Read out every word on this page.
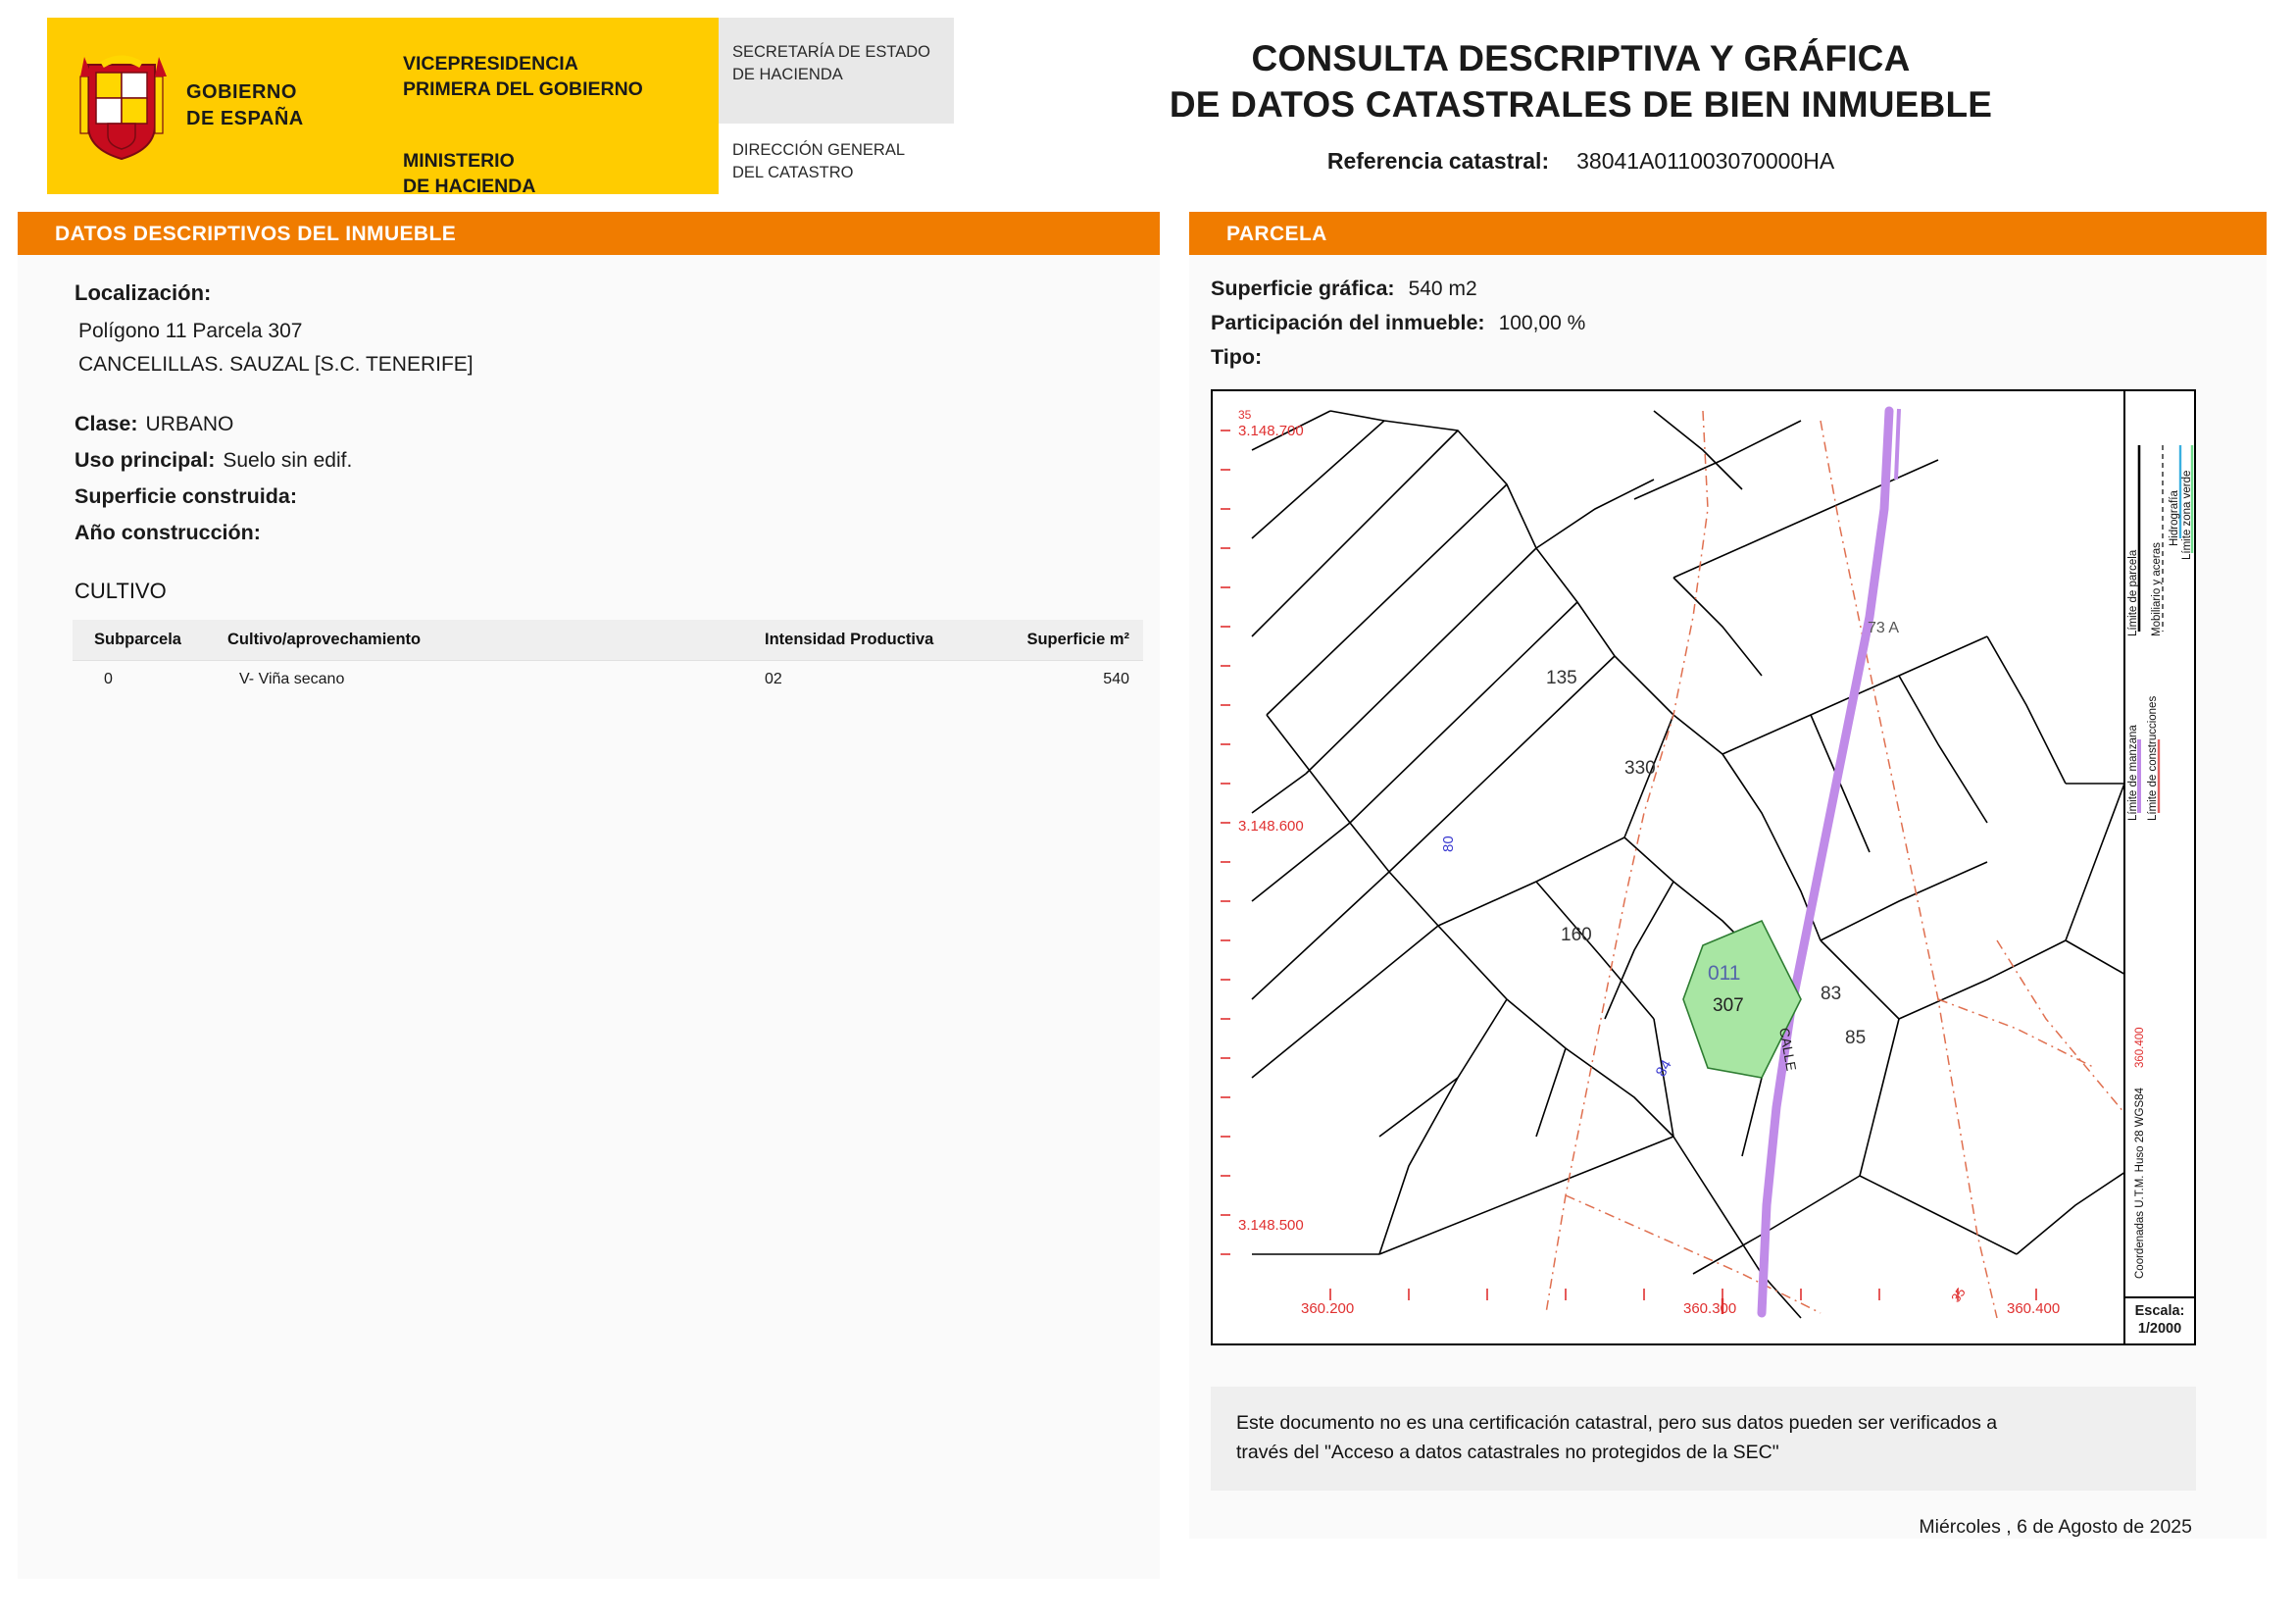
GOBIERNO
DE ESPAÑA
VICEPRESIDENCIA
PRIMERA DEL GOBIERNO
MINISTERIO
DE HACIENDA
SECRETARÍA DE ESTADO
DE HACIENDA
DIRECCIÓN GENERAL
DEL CATASTRO
CONSULTA DESCRIPTIVA Y GRÁFICA
DE DATOS CATASTRALES DE BIEN INMUEBLE
Referencia catastral: 38041A011003070000HA
DATOS DESCRIPTIVOS DEL INMUEBLE
Localización:
Polígono 11 Parcela 307
CANCELILLAS. SAUZAL [S.C. TENERIFE]
Clase: URBANO
Uso principal: Suelo sin edif.
Superficie construida:
Año construcción:
CULTIVO
Subparcela	Cultivo/aprovechamiento	Intensidad Productiva	Superficie m²
0	V- Viña secano	02	540
PARCELA
Superficie gráfica: 540 m2
Participación del inmueble: 100,00 %
Tipo:
3.148.700
3.148.600
3.148.500
360.200	360.300	360.400
35
35
135
330
160
83
85
73 A
80
84
011
307
CALLE
Límite de parcela Mobiliario y aceras
Hidrografía Límite zona verde
Límite de manzana Límite de construcciones
Coordenadas U.T.M. Huso 28 WGS84
360.400
Escala:
1/2000
Este documento no es una certificación catastral, pero sus datos pueden ser verificados a
través del "Acceso a datos catastrales no protegidos de la SEC"
Miércoles , 6 de Agosto de 2025
